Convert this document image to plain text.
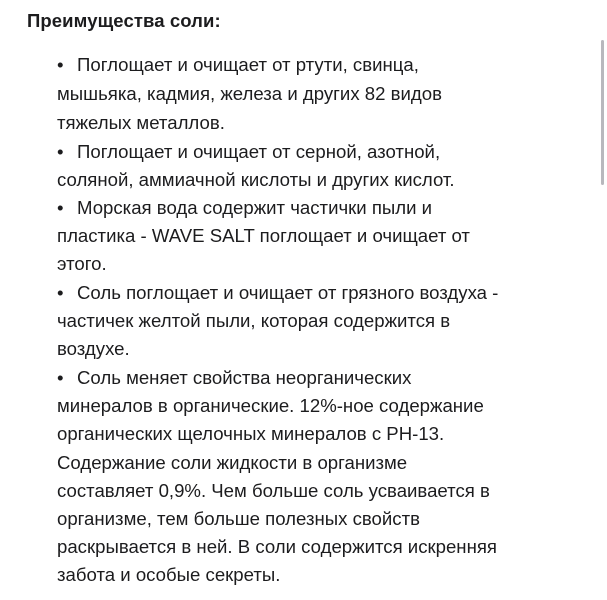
Преимущества соли:
• Поглощает и очищает от ртути, свинца,

мышьяка, кадмия, железа и других 82 видов

тяжелых металлов.

• Поглощает и очищает от серной, азотной,

соляной, аммиачной кислоты и других кислот.

• Морская вода содержит частички пыли и

пластика - WAVE SALT поглощает и очищает от

этого.

• Соль поглощает и очищает от грязного воздуха -

частичек желтой пыли, которая содержится в

воздухе.

• Соль меняет свойства неорганических

минералов в органические. 12%-ное содержание

органических щелочных минералов с PH-13.

Содержание соли жидкости в организме

составляет 0,9%. Чем больше соль усваивается в

организме, тем больше полезных свойств

раскрывается в ней. В соли содержится искренняя

забота и особые секреты.
